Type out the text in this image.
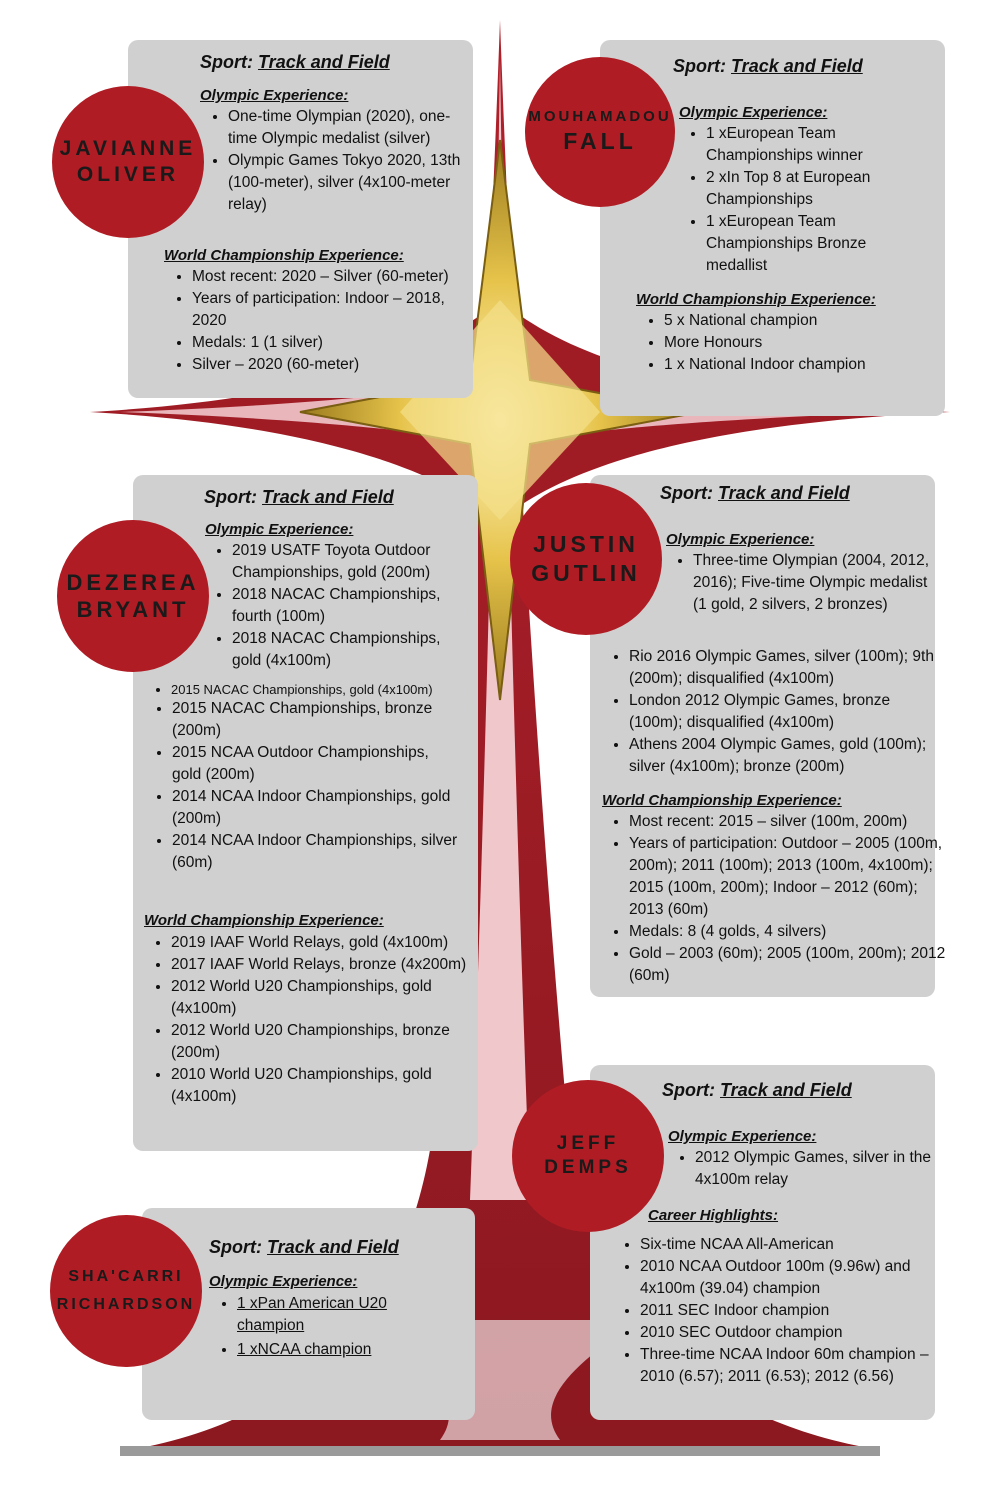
Sport: Track and Field
Olympic Experience:
• One-time Olympian (2020), one-time Olympic medalist (silver)
• Olympic Games Tokyo 2020, 13th (100-meter), silver (4x100-meter relay)
World Championship Experience:
• Most recent: 2020 – Silver (60-meter)
• Years of participation: Indoor – 2018, 2020
• Medals: 1 (1 silver)
• Silver – 2020 (60-meter)
JAVIANNE
OLIVER
Sport: Track and Field
Olympic Experience:
• 1 xEuropean Team Championships winner
• 2 xIn Top 8 at European Championships
• 1 xEuropean Team Championships Bronze medallist
World Championship Experience:
• 5 x National champion
• More Honours
• 1 x National Indoor champion
MOUHAMADOU
FALL
Sport: Track and Field
Olympic Experience:
• 2019 USATF Toyota Outdoor Championships, gold (200m)
• 2018 NACAC Championships, fourth (100m)
• 2018 NACAC Championships, gold (4x100m)
• 2015 NACAC Championships, gold (4x100m)
• 2015 NACAC Championships, bronze (200m)
• 2015 NCAA Outdoor Championships, gold (200m)
• 2014 NCAA Indoor Championships, gold (200m)
• 2014 NCAA Indoor Championships, silver (60m)
World Championship Experience:
• 2019 IAAF World Relays, gold (4x100m)
• 2017 IAAF World Relays, bronze (4x200m)
• 2012 World U20 Championships, gold (4x100m)
• 2012 World U20 Championships, bronze (200m)
• 2010 World U20 Championships, gold (4x100m)
DEZEREA
BRYANT
Sport: Track and Field
Olympic Experience:
• Three-time Olympian (2004, 2012, 2016); Five-time Olympic medalist (1 gold, 2 silvers, 2 bronzes)
• Rio 2016 Olympic Games, silver (100m); 9th (200m); disqualified (4x100m)
• London 2012 Olympic Games, bronze (100m); disqualified (4x100m)
• Athens 2004 Olympic Games, gold (100m); silver (4x100m); bronze (200m)
World Championship Experience:
• Most recent: 2015 – silver (100m, 200m)
• Years of participation: Outdoor – 2005 (100m, 200m); 2011 (100m); 2013 (100m, 4x100m); 2015 (100m, 200m); Indoor – 2012 (60m); 2013 (60m)
• Medals: 8 (4 golds, 4 silvers)
• Gold – 2003 (60m); 2005 (100m, 200m); 2012 (60m)
JUSTIN
GUTLIN
Sport: Track and Field
Olympic Experience:
• 2012 Olympic Games, silver in the 4x100m relay
Career Highlights:
• Six-time NCAA All-American
• 2010 NCAA Outdoor 100m (9.96w) and 4x100m (39.04) champion
• 2011 SEC Indoor champion
• 2010 SEC Outdoor champion
• Three-time NCAA Indoor 60m champion – 2010 (6.57); 2011 (6.53); 2012 (6.56)
JEFF
DEMPS
Sport: Track and Field
Olympic Experience:
• 1 xPan American U20 champion
• 1 xNCAA champion
SHA'CARRI
RICHARDSON
